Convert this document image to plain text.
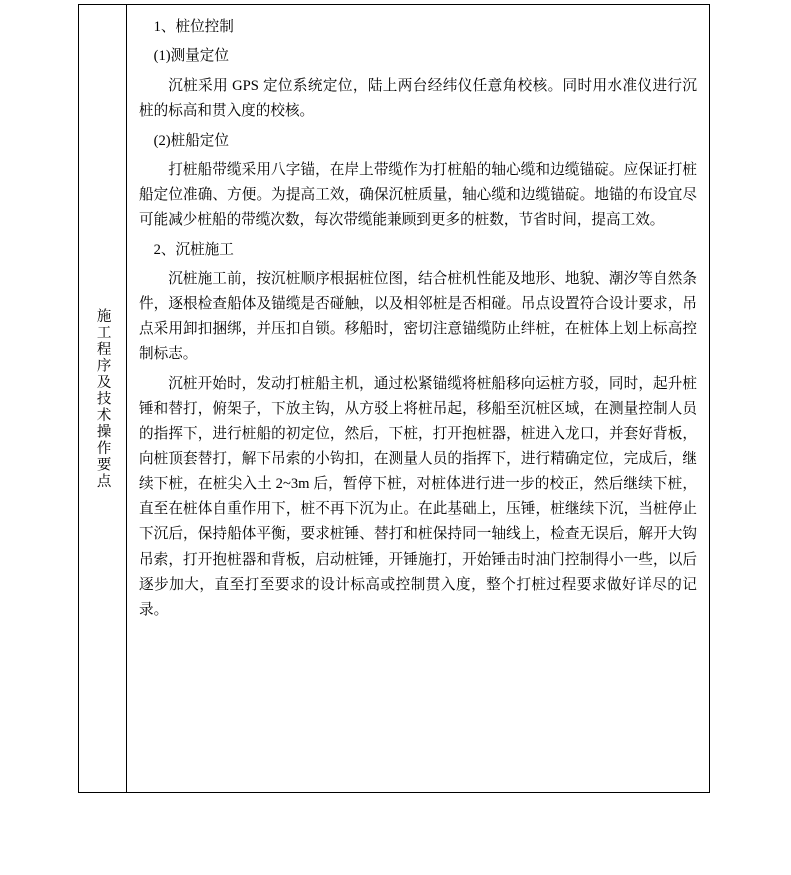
施工程序及技术操作要点

1、桩位控制

(1)测量定位

沉桩采用 GPS 定位系统定位，陆上两台经纬仪任意角校核。同时用水准仪进行沉桩的标高和贯入度的校核。

(2)桩船定位

打桩船带缆采用八字锚，在岸上带缆作为打桩船的轴心缆和边缆锚碇。应保证打桩船定位准确、方便。为提高工效，确保沉桩质量，轴心缆和边缆锚碇。地锚的布设宜尽可能减少桩船的带缆次数，每次带缆能兼顾到更多的桩数，节省时间，提高工效。

2、沉桩施工

沉桩施工前，按沉桩顺序根据桩位图，结合桩机性能及地形、地貌、潮汐等自然条件，逐根检查船体及锚缆是否碰触，以及相邻桩是否相碰。吊点设置符合设计要求，吊点采用卸扣捆绑，并压扣自锁。移船时，密切注意锚缆防止绊桩，在桩体上划上标高控制标志。

沉桩开始时，发动打桩船主机，通过松紧锚缆将桩船移向运桩方驳，同时，起升桩锤和替打，俯架子，下放主钩，从方驳上将桩吊起，移船至沉桩区域，在测量控制人员的指挥下，进行桩船的初定位，然后，下桩，打开抱桩器，桩进入龙口，并套好背板，向桩顶套替打，解下吊索的小钩扣，在测量人员的指挥下，进行精确定位，完成后，继续下桩，在桩尖入土 2~3m 后，暂停下桩，对桩体进行进一步的校正，然后继续下桩，直至在桩体自重作用下，桩不再下沉为止。在此基础上，压锤，桩继续下沉，当桩停止下沉后，保持船体平衡，要求桩锤、替打和桩保持同一轴线上，检查无误后，解开大钩吊索，打开抱桩器和背板，启动桩锤，开锤施打，开始锤击时油门控制得小一些，以后逐步加大，直至打至要求的设计标高或控制贯入度，整个打桩过程要求做好详尽的记录。
